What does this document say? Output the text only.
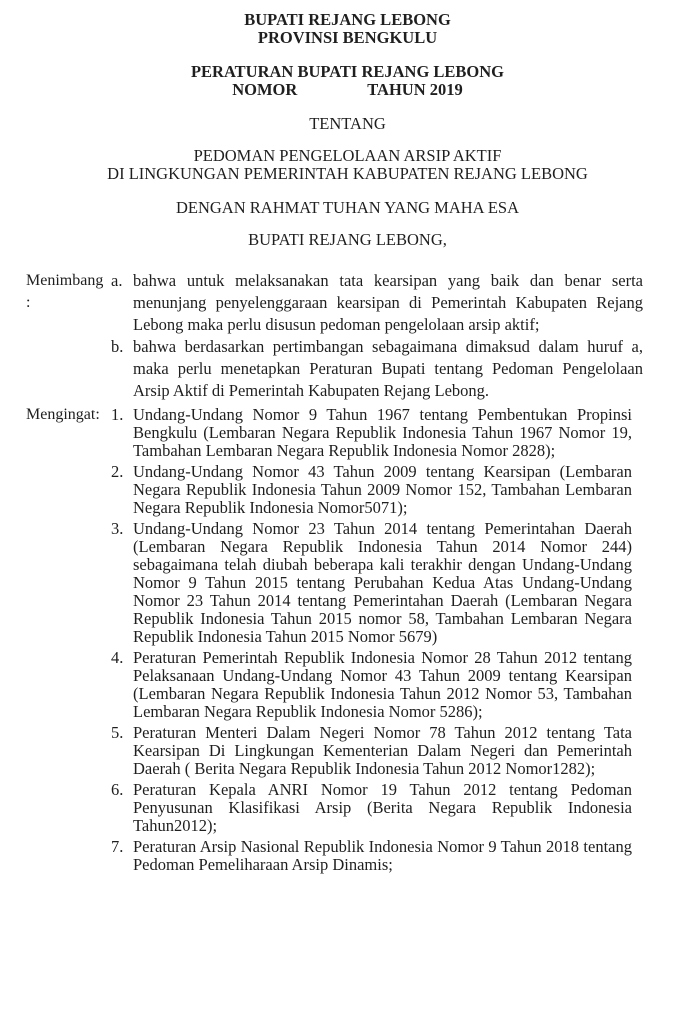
BUPATI REJANG LEBONG
PROVINSI BENGKULU
PERATURAN BUPATI REJANG LEBONG
NOMOR	TAHUN 2019
TENTANG
PEDOMAN PENGELOLAAN ARSIP AKTIF
DI LINGKUNGAN PEMERINTAH KABUPATEN REJANG LEBONG
DENGAN RAHMAT TUHAN YANG MAHA ESA
BUPATI REJANG LEBONG,
Menimbang :
a. bahwa untuk melaksanakan tata kearsipan yang baik dan benar serta menunjang penyelenggaraan kearsipan di Pemerintah Kabupaten Rejang Lebong maka perlu disusun pedoman pengelolaan arsip aktif;
b. bahwa berdasarkan pertimbangan sebagaimana dimaksud dalam huruf a, maka perlu menetapkan Peraturan Bupati tentang Pedoman Pengelolaan Arsip Aktif di Pemerintah Kabupaten Rejang Lebong.
Mengingat: 1. Undang-Undang Nomor 9 Tahun 1967 tentang Pembentukan Propinsi Bengkulu (Lembaran Negara Republik Indonesia Tahun 1967 Nomor 19, Tambahan Lembaran Negara Republik Indonesia Nomor 2828);
2. Undang-Undang Nomor 43 Tahun 2009 tentang Kearsipan (Lembaran Negara Republik Indonesia Tahun 2009 Nomor 152, Tambahan Lembaran Negara Republik Indonesia Nomor5071);
3. Undang-Undang Nomor 23 Tahun 2014 tentang Pemerintahan Daerah (Lembaran Negara Republik Indonesia Tahun 2014 Nomor 244) sebagaimana telah diubah beberapa kali terakhir dengan Undang-Undang Nomor 9 Tahun 2015 tentang Perubahan Kedua Atas Undang-Undang Nomor 23 Tahun 2014 tentang Pemerintahan Daerah (Lembaran Negara Republik Indonesia Tahun 2015 nomor 58, Tambahan Lembaran Negara Republik Indonesia Tahun 2015 Nomor 5679)
4. Peraturan Pemerintah Republik Indonesia Nomor 28 Tahun 2012 tentang Pelaksanaan Undang-Undang Nomor 43 Tahun 2009 tentang Kearsipan (Lembaran Negara Republik Indonesia Tahun 2012 Nomor 53, Tambahan Lembaran Negara Republik Indonesia Nomor 5286);
5. Peraturan Menteri Dalam Negeri Nomor 78 Tahun 2012 tentang Tata Kearsipan Di Lingkungan Kementerian Dalam Negeri dan Pemerintah Daerah ( Berita Negara Republik Indonesia Tahun 2012 Nomor1282);
6. Peraturan Kepala ANRI Nomor 19 Tahun 2012 tentang Pedoman Penyusunan Klasifikasi Arsip (Berita Negara Republik Indonesia Tahun2012);
7. Peraturan Arsip Nasional Republik Indonesia Nomor 9 Tahun 2018 tentang Pedoman Pemeliharaan Arsip Dinamis;
